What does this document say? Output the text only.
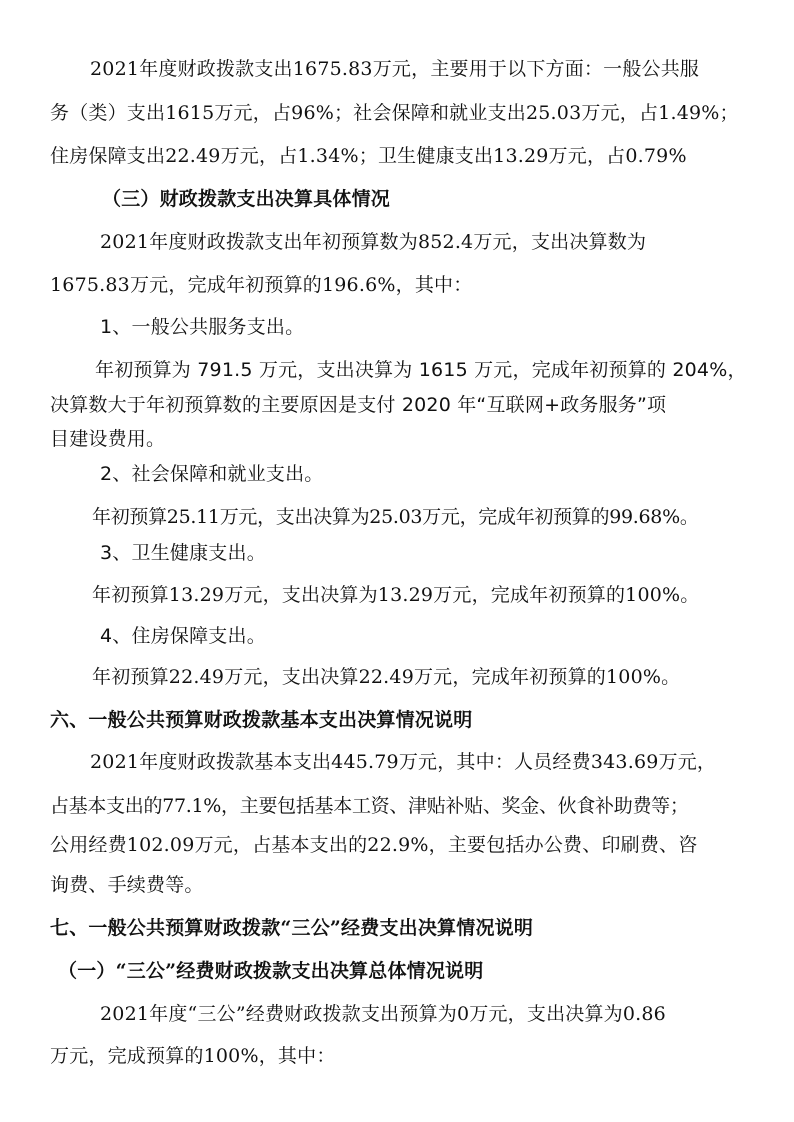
2021年度财政拨款支出1675.83万元，主要用于以下方面：一般公共服

务（类）支出1615万元，占96%；社会保障和就业支出25.03万元，占1.49%；

住房保障支出22.49万元，占1.34%；卫生健康支出13.29万元，占0.79%

（三）财政拨款支出决算具体情况

2021年度财政拨款支出年初预算数为852.4万元，支出决算数为

1675.83万元，完成年初预算的196.6%，其中：

1、一般公共服务支出。

年初预算为 791.5 万元，支出决算为 1615 万元，完成年初预算的 204%，

决算数大于年初预算数的主要原因是支付 2020 年“互联网+政务服务”项

目建设费用。

2、社会保障和就业支出。

年初预算25.11万元，支出决算为25.03万元，完成年初预算的99.68%。

3、卫生健康支出。

年初预算13.29万元，支出决算为13.29万元，完成年初预算的100%。

4、住房保障支出。

年初预算22.49万元，支出决算22.49万元，完成年初预算的100%。

六、一般公共预算财政拨款基本支出决算情况说明

2021年度财政拨款基本支出445.79万元，其中：人员经费343.69万元，

占基本支出的77.1%，主要包括基本工资、津贴补贴、奖金、伙食补助费等；

公用经费102.09万元，占基本支出的22.9%，主要包括办公费、印刷费、咨

询费、手续费等。

七、一般公共预算财政拨款“三公”经费支出决算情况说明

（一）“三公”经费财政拨款支出决算总体情况说明

2021年度“三公”经费财政拨款支出预算为0万元，支出决算为0.86

万元，完成预算的100%，其中：
